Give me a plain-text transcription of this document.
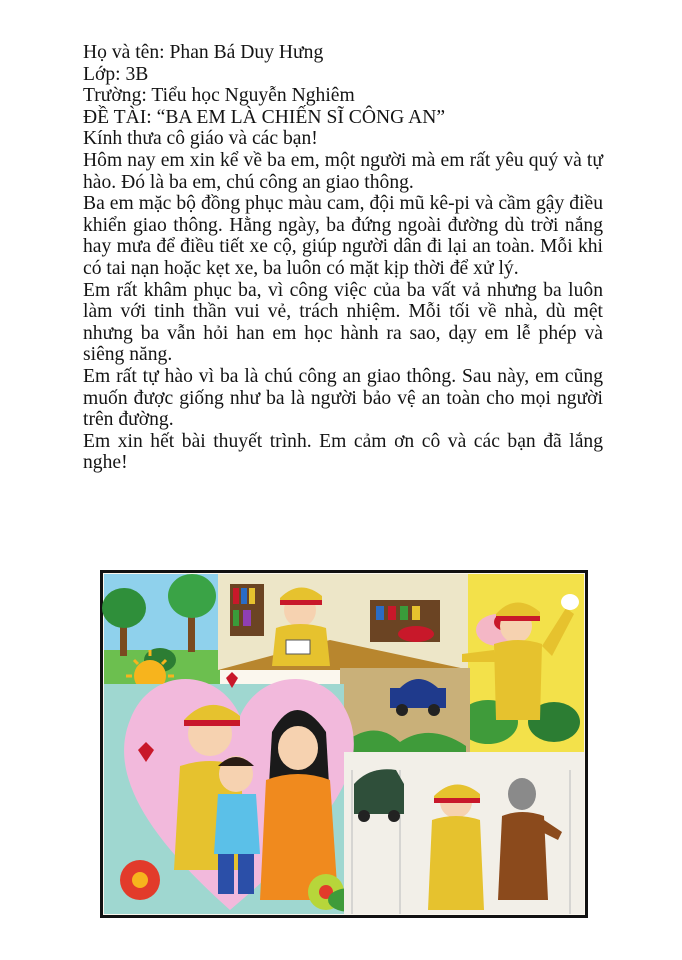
Họ và tên: Phan Bá Duy Hưng
Lớp: 3B
Trường: Tiểu học Nguyễn Nghiêm
ĐỀ TÀI: “BA EM LÀ CHIẾN SĨ CÔNG AN”
Kính thưa cô giáo và các bạn!
Hôm nay em xin kể về ba em, một người mà em rất yêu quý và tự hào. Đó là ba em, chú công an giao thông.
Ba em mặc bộ đồng phục màu cam, đội mũ kê-pi và cầm gậy điều khiển giao thông. Hằng ngày, ba đứng ngoài đường dù trời nắng hay mưa để điều tiết xe cộ, giúp người dân đi lại an toàn. Mỗi khi có tai nạn hoặc kẹt xe, ba luôn có mặt kịp thời để xử lý.
Em rất khâm phục ba, vì công việc của ba vất vả nhưng ba luôn làm với tinh thần vui vẻ, trách nhiệm. Mỗi tối về nhà, dù mệt nhưng ba vẫn hỏi han em học hành ra sao, dạy em lễ phép và siêng năng.
Em rất tự hào vì ba là chú công an giao thông. Sau này, em cũng muốn được giống như ba là người bảo vệ an toàn cho mọi người trên đường.
Em xin hết bài thuyết trình. Em cảm ơn cô và các bạn đã lắng nghe!
